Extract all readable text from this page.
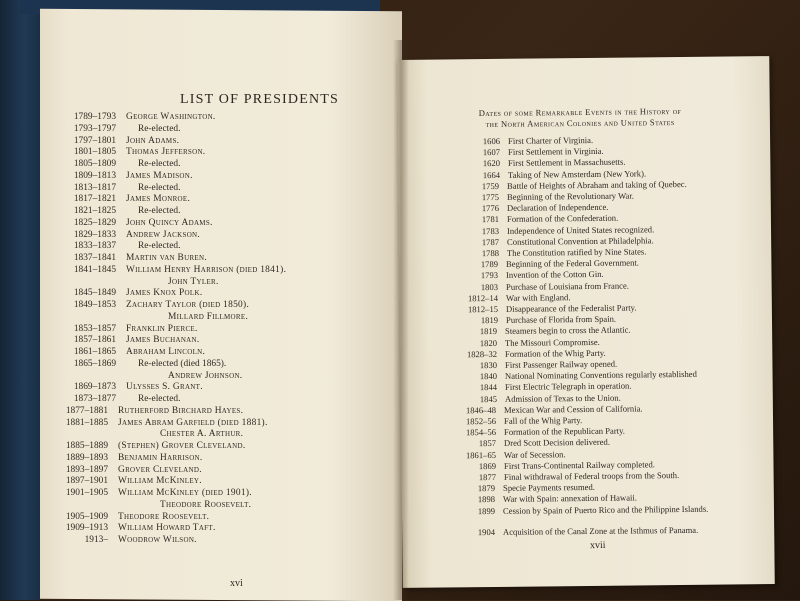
LIST OF PRESIDENTS
1789–1793 George Washington.
1793–1797 Re-elected.
1797–1801 John Adams.
1801–1805 Thomas Jefferson.
1805–1809 Re-elected.
1809–1813 James Madison.
1813–1817 Re-elected.
1817–1821 James Monroe.
1821–1825 Re-elected.
1825–1829 John Quincy Adams.
1829–1833 Andrew Jackson.
1833–1837 Re-elected.
1837–1841 Martin van Buren.
1841–1845 William Henry Harrison (died 1841).
John Tyler.
1845–1849 James Knox Polk.
1849–1853 Zachary Taylor (died 1850).
Millard Fillmore.
1853–1857 Franklin Pierce.
1857–1861 James Buchanan.
1861–1865 Abraham Lincoln.
1865–1869 Re-elected (died 1865).
Andrew Johnson.
1869–1873 Ulysses S. Grant.
1873–1877 Re-elected.
1877–1881 Rutherford Birchard Hayes.
1881–1885 James Abram Garfield (died 1881).
Chester A. Arthur.
1885–1889 (Stephen) Grover Cleveland.
1889–1893 Benjamin Harrison.
1893–1897 Grover Cleveland.
1897–1901 William McKinley.
1901–1905 William McKinley (died 1901).
Theodore Roosevelt.
1905–1909 Theodore Roosevelt.
1909–1913 William Howard Taft.
1913– Woodrow Wilson.
xvi
Dates of some Remarkable Events in the History of
the North American Colonies and United States
1606 First Charter of Virginia.
1607 First Settlement in Virginia.
1620 First Settlement in Massachusetts.
1664 Taking of New Amsterdam (New York).
1759 Battle of Heights of Abraham and taking of Quebec.
1775 Beginning of the Revolutionary War.
1776 Declaration of Independence.
1781 Formation of the Confederation.
1783 Independence of United States recognized.
1787 Constitutional Convention at Philadelphia.
1788 The Constitution ratified by Nine States.
1789 Beginning of the Federal Government.
1793 Invention of the Cotton Gin.
1803 Purchase of Louisiana from France.
1812–14 War with England.
1812–15 Disappearance of the Federalist Party.
1819 Purchase of Florida from Spain.
1819 Steamers begin to cross the Atlantic.
1820 The Missouri Compromise.
1828–32 Formation of the Whig Party.
1830 First Passenger Railway opened.
1840 National Nominating Conventions regularly established
1844 First Electric Telegraph in operation.
1845 Admission of Texas to the Union.
1846–48 Mexican War and Cession of California.
1852–56 Fall of the Whig Party.
1854–56 Formation of the Republican Party.
1857 Dred Scott Decision delivered.
1861–65 War of Secession.
1869 First Trans-Continental Railway completed.
1877 Final withdrawal of Federal troops from the South.
1879 Specie Payments resumed.
1898 War with Spain: annexation of Hawaii.
1899 Cession by Spain of Puerto Rico and the Philippine Islands.
1904 Acquisition of the Canal Zone at the Isthmus of Panama.
xvii
